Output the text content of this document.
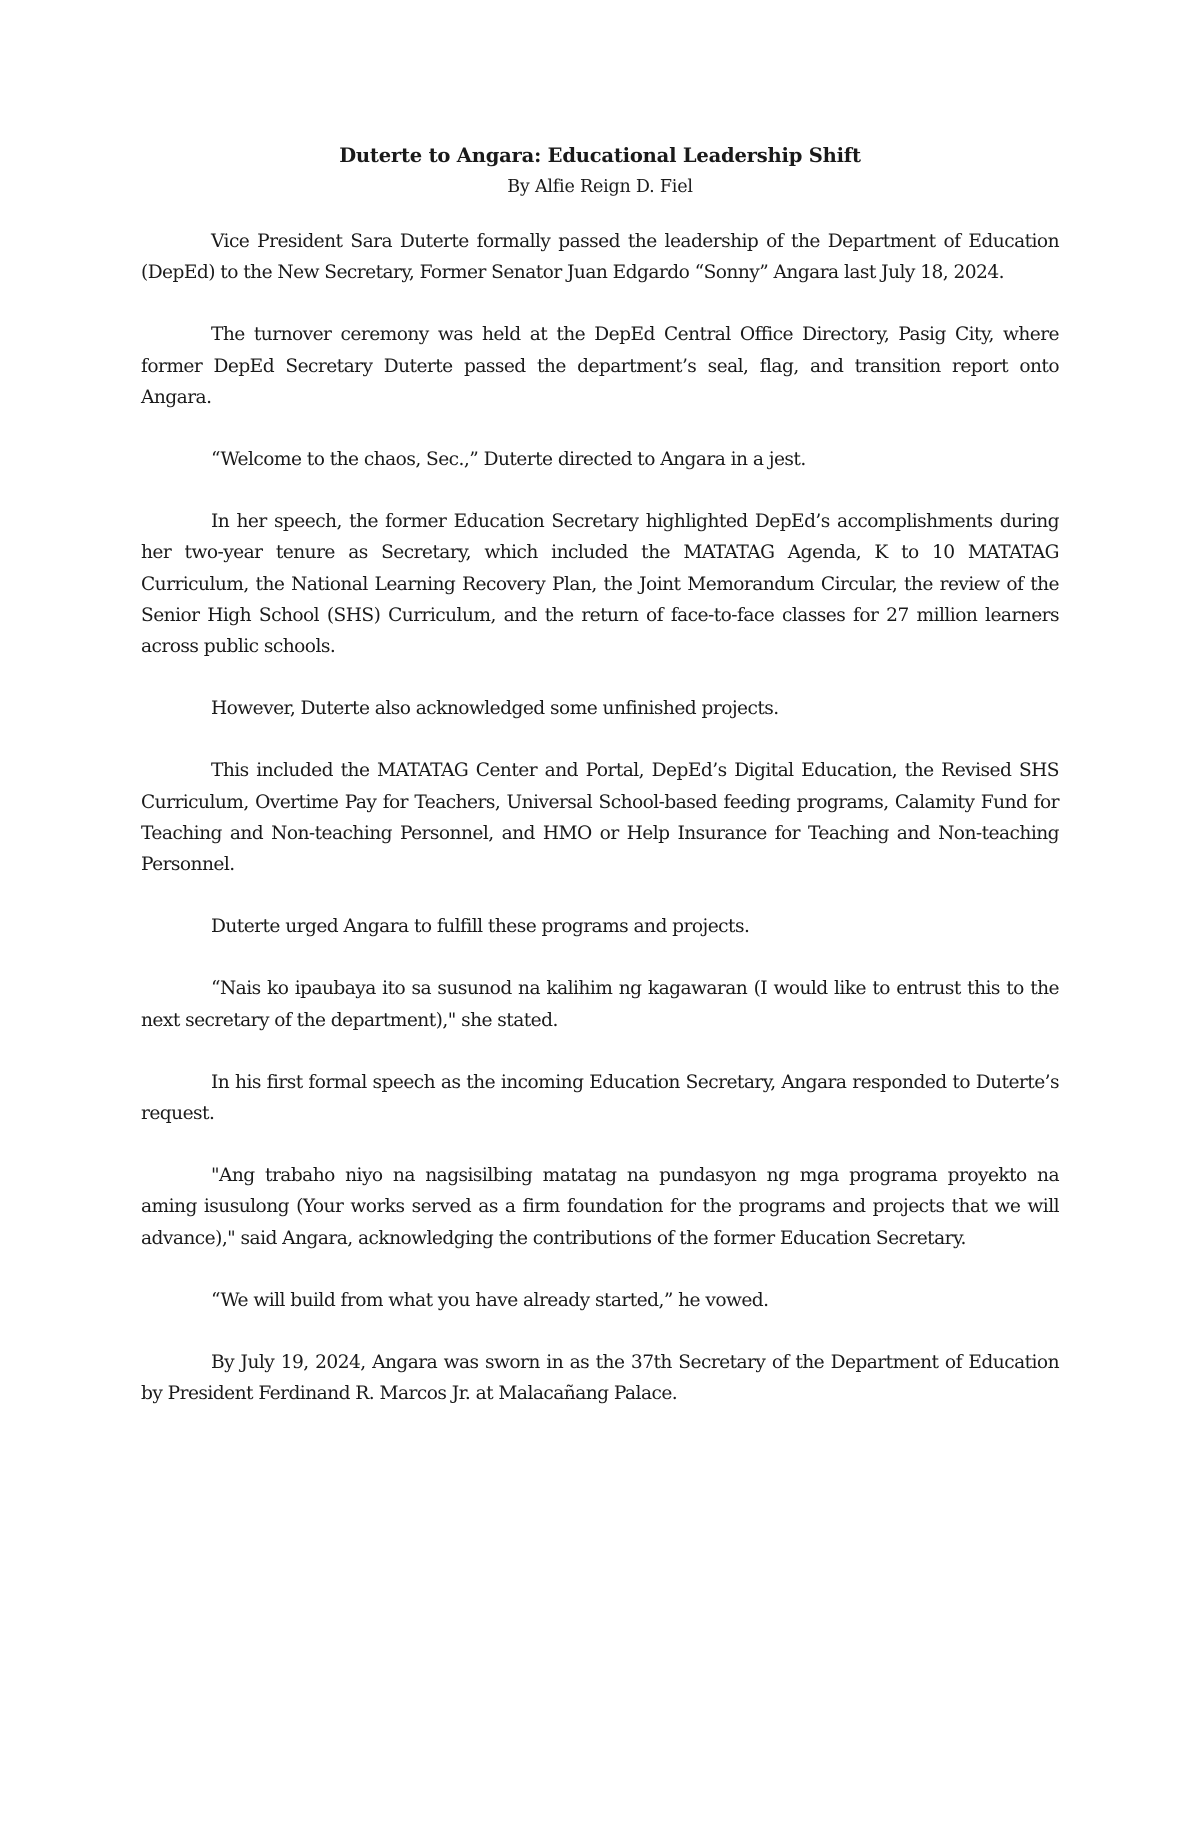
Duterte to Angara: Educational Leadership Shift

By Alfie Reign D. Fiel

Vice President Sara Duterte formally passed the leadership of the Department of Education (DepEd) to the New Secretary, Former Senator Juan Edgardo “Sonny” Angara last July 18, 2024.

The turnover ceremony was held at the DepEd Central Office Directory, Pasig City, where former DepEd Secretary Duterte passed the department’s seal, flag, and transition report onto Angara.

“Welcome to the chaos, Sec.,” Duterte directed to Angara in a jest.

In her speech, the former Education Secretary highlighted DepEd’s accomplishments during her two-year tenure as Secretary, which included the MATATAG Agenda, K to 10 MATATAG Curriculum, the National Learning Recovery Plan, the Joint Memorandum Circular, the review of the Senior High School (SHS) Curriculum, and the return of face-to-face classes for 27 million learners across public schools.

However, Duterte also acknowledged some unfinished projects.

This included the MATATAG Center and Portal, DepEd’s Digital Education, the Revised SHS Curriculum, Overtime Pay for Teachers, Universal School-based feeding programs, Calamity Fund for Teaching and Non-teaching Personnel, and HMO or Help Insurance for Teaching and Non-teaching Personnel.

Duterte urged Angara to fulfill these programs and projects.

“Nais ko ipaubaya ito sa susunod na kalihim ng kagawaran (I would like to entrust this to the next secretary of the department)," she stated.

In his first formal speech as the incoming Education Secretary, Angara responded to Duterte’s request.

"Ang trabaho niyo na nagsisilbing matatag na pundasyon ng mga programa proyekto na aming isusulong (Your works served as a firm foundation for the programs and projects that we will advance)," said Angara, acknowledging the contributions of the former Education Secretary.

“We will build from what you have already started,” he vowed.

By July 19, 2024, Angara was sworn in as the 37th Secretary of the Department of Education by President Ferdinand R. Marcos Jr. at Malacañang Palace.
